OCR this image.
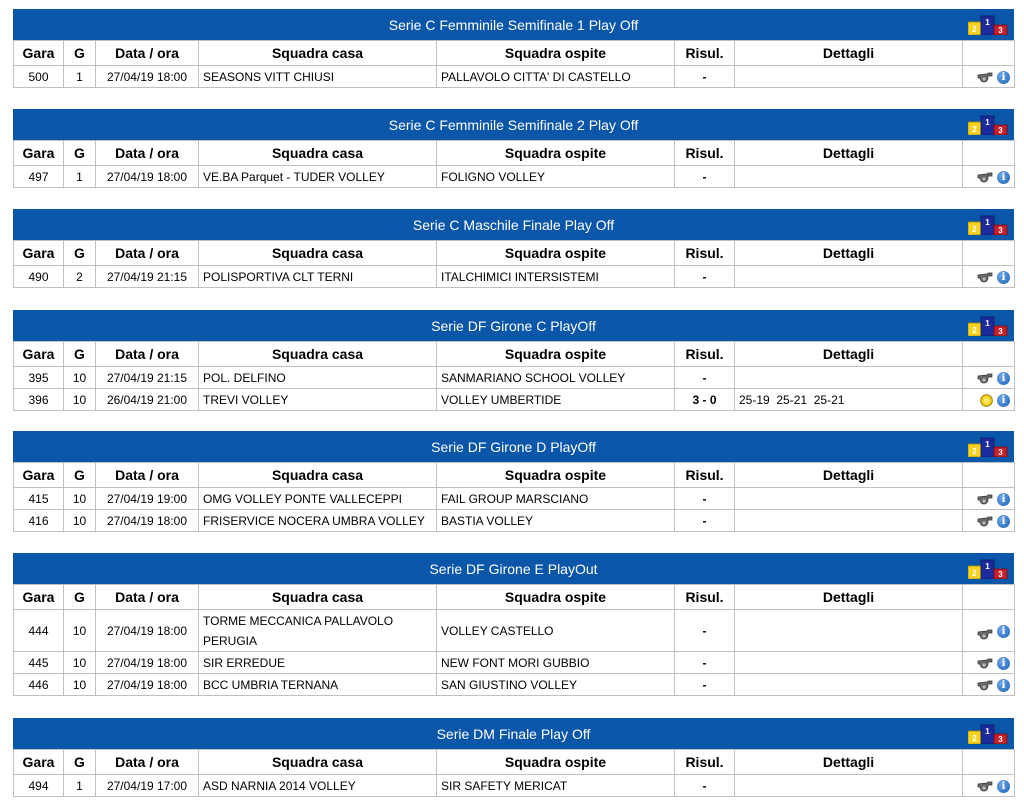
Serie C Femminile Semifinale 1 Play Off	2
1
3
Gara	G	Data / ora	Squadra casa	Squadra ospite	Risul.	Dettagli	
500	1	27/04/19 18:00	SEASONS VITT CHIUSI	PALLAVOLO CITTA' DI CASTELLO	-		i
Serie C Femminile Semifinale 2 Play Off	2
1
3
Gara	G	Data / ora	Squadra casa	Squadra ospite	Risul.	Dettagli	
497	1	27/04/19 18:00	VE.BA Parquet - TUDER VOLLEY	FOLIGNO VOLLEY	-		i
Serie C Maschile Finale Play Off	2
1
3
Gara	G	Data / ora	Squadra casa	Squadra ospite	Risul.	Dettagli	
490	2	27/04/19 21:15	POLISPORTIVA CLT TERNI	ITALCHIMICI INTERSISTEMI	-		i
Serie DF Girone C PlayOff	2
1
3
Gara	G	Data / ora	Squadra casa	Squadra ospite	Risul.	Dettagli	
395	10	27/04/19 21:15	POL. DELFINO	SANMARIANO SCHOOL VOLLEY	-		i
396	10	26/04/19 21:00	TREVI VOLLEY	VOLLEY UMBERTIDE	3 - 0	25-19  25-21  25-21	i
Serie DF Girone D PlayOff	2
1
3
Gara	G	Data / ora	Squadra casa	Squadra ospite	Risul.	Dettagli	
415	10	27/04/19 19:00	OMG VOLLEY PONTE VALLECEPPI	FAIL GROUP MARSCIANO	-		i
416	10	27/04/19 18:00	FRISERVICE NOCERA UMBRA VOLLEY	BASTIA VOLLEY	-		i
Serie DF Girone E PlayOut	2
1
3
Gara	G	Data / ora	Squadra casa	Squadra ospite	Risul.	Dettagli	
444	10	27/04/19 18:00	TORME MECCANICA PALLAVOLO PERUGIA	VOLLEY CASTELLO	-		i
445	10	27/04/19 18:00	SIR ERREDUE	NEW FONT MORI GUBBIO	-		i
446	10	27/04/19 18:00	BCC UMBRIA TERNANA	SAN GIUSTINO VOLLEY	-		i
Serie DM Finale Play Off	2
1
3
Gara	G	Data / ora	Squadra casa	Squadra ospite	Risul.	Dettagli	
494	1	27/04/19 17:00	ASD NARNIA 2014 VOLLEY	SIR SAFETY MERICAT	-		i
